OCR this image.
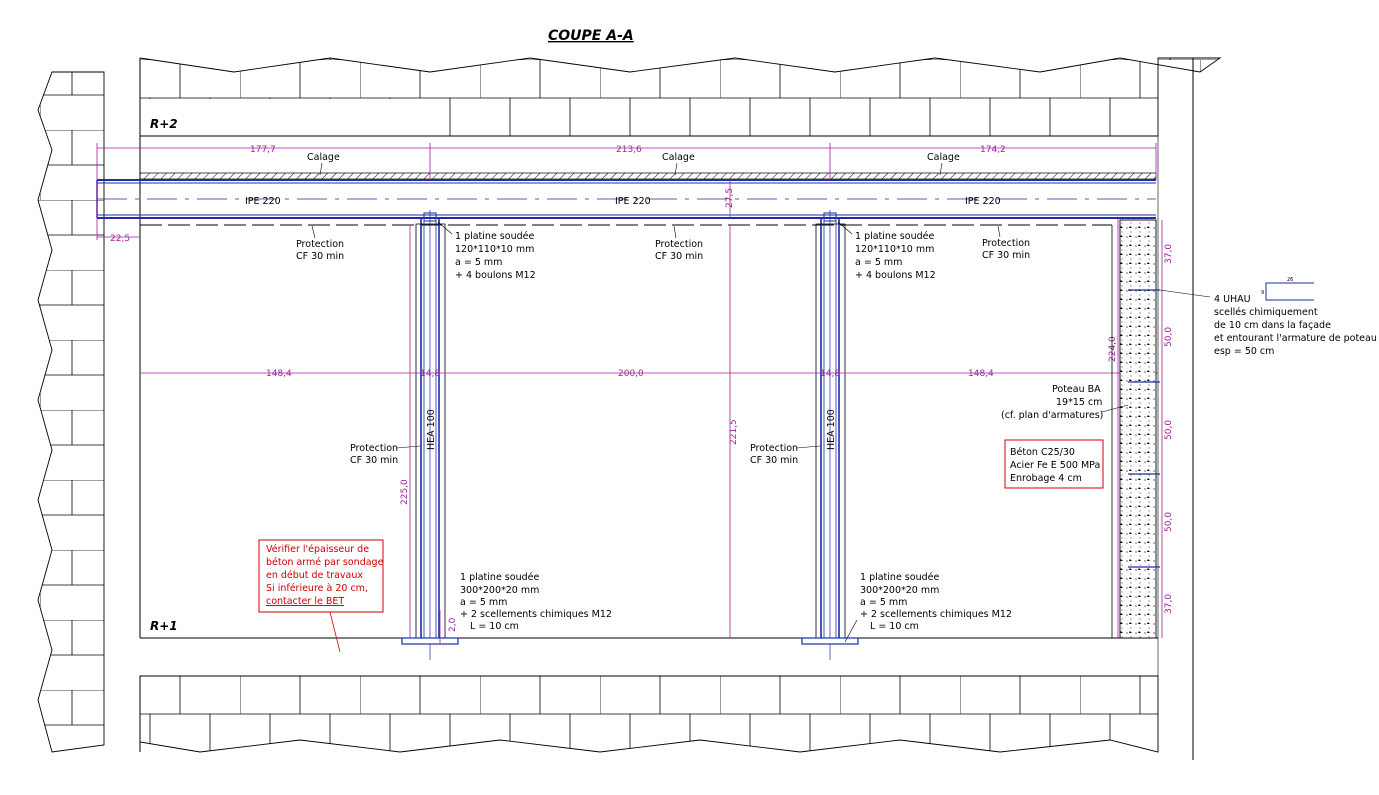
COUPE A-A
R+2
R+1
IPE 220	IPE 220	IPE 220
Calage	Calage	Calage
177,7	213,6	174,2
22,5
27,5
HEA 100	HEA 100
225,0
221,5
224,0
2,0
148,4	14,8	200,0	14,8	148,4
Protection
CF 30 min
Protection
CF 30 min
Protection
CF 30 min
Protection
CF 30 min
Protection
CF 30 min
1 platine soudée
120*110*10 mm
a = 5 mm
+ 4 boulons M12
1 platine soudée
120*110*10 mm
a = 5 mm
+ 4 boulons M12
1 platine soudée
300*200*20 mm
a = 5 mm
+ 2 scellements chimiques M12
L = 10 cm
1 platine soudée
300*200*20 mm
a = 5 mm
+ 2 scellements chimiques M12
L = 10 cm
37,0
50,0
50,0
50,0
37,0
4 UHAU
scellés chimiquement
de 10 cm dans la façade
et entourant l'armature de poteau
esp = 50 cm
26
9
Poteau BA
19*15 cm
(cf. plan d'armatures)
Béton C25/30
Acier Fe E 500 MPa
Enrobage 4 cm
Vérifier l'épaisseur de
béton armé par sondage
en début de travaux
Si inférieure à 20 cm,
contacter le BET
